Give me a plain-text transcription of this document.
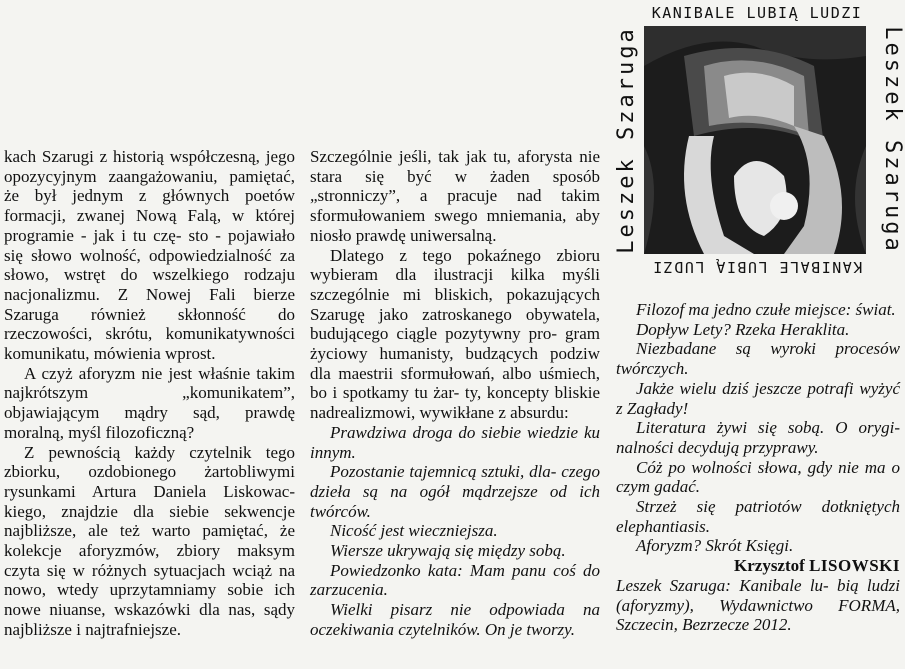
KANIBALE LUBIĄ LUDZI
Leszek Szaruga	Leszek Szaruga
KANIBALE LUBIĄ LUDZI

kach Szarugi z historią współczesną, jego opozycyjnym zaangażowaniu, pamiętać, że był jednym z głównych poetów formacji, zwanej Nową Falą, w której programie - jak i tu czę- sto - pojawiało się słowo wolność, odpowiedzialność za słowo, wstręt do wszelkiego rodzaju nacjonalizmu. Z Nowej Fali bierze Szaruga również skłonność do rzeczowości, skrótu, komunikatywności komunikatu, mówienia wprost.

A czyż aforyzm nie jest właśnie takim najkrótszym „komunikatem”, objawiającym mądry sąd, prawdę moralną, myśl filozoficzną?

Z pewnością każdy czytelnik tego zbiorku, ozdobionego żartobliwymi rysunkami Artura Daniela Liskowac- kiego, znajdzie dla siebie sekwencje najbliższe, ale też warto pamiętać, że kolekcje aforyzmów, zbiory maksym czyta się w różnych sytuacjach wciąż na nowo, wtedy uprzytamniamy sobie ich nowe niuanse, wskazówki dla nas, sądy najbliższe i najtrafniejsze.

Szczególnie jeśli, tak jak tu, aforysta nie stara się być w żaden sposób „stronniczy”, a pracuje nad takim sformułowaniem swego mniemania, aby niosło prawdę uniwersalną.

Dlatego z tego pokaźnego zbioru wybieram dla ilustracji kilka myśli szczególnie mi bliskich, pokazujących Szarugę jako zatroskanego obywatela, budującego ciągle pozytywny pro- gram życiowy humanisty, budzących podziw dla maestrii sformułowań, albo uśmiech, bo i spotkamy tu żar- ty, koncepty bliskie nadrealizmowi, wywikłane z absurdu:

Prawdziwa droga do siebie wiedzie ku innym.

Pozostanie tajemnicą sztuki, dla- czego dzieła są na ogół mądrzejsze od ich twórców.

Nicość jest wieczniejsza.

Wiersze ukrywają się między sobą.

Powiedzonko kata: Mam panu coś do zarzucenia.

Wielki pisarz nie odpowiada na oczekiwania czytelników. On je tworzy.

Filozof ma jedno czułe miejsce: świat.

Dopływ Lety? Rzeka Heraklita.

Niezbadane są wyroki procesów twórczych.

Jakże wielu dziś jeszcze potrafi wyżyć z Zagłady!

Literatura żywi się sobą. O orygi- nalności decydują przyprawy.

Cóż po wolności słowa, gdy nie ma o czym gadać.

Strzeż się patriotów dotkniętych elephantiasis.

Aforyzm? Skrót Księgi.

Krzysztof LISOWSKI

Leszek Szaruga: Kanibale lu- bią ludzi (aforyzmy), Wydawnictwo FORMA, Szczecin, Bezrzecze 2012.
